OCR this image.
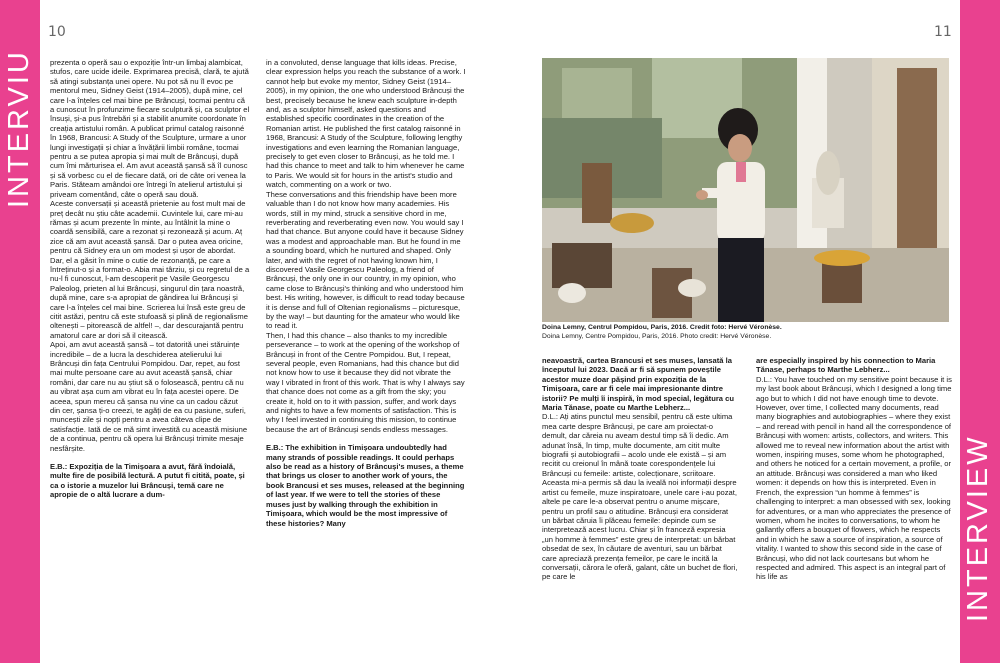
INTERVIU
INTERVIEW
10	11

prezenta o operă sau o expoziție într-un limbaj alambicat, stufos, care ucide ideile. Exprimarea precisă, clară, te ajută să atingi substanța unei opere. Nu pot să nu îl evoc pe mentorul meu, Sidney Geist (1914–2005), după mine, cel care l-a înțeles cel mai bine pe Brâncuși, tocmai pentru că a cunoscut în profunzime fiecare sculptură și, ca sculptor el însuși, și-a pus întrebări și a stabilit anumite coordonate în creația artistului român. A publicat primul catalog raisonné în 1968, Brancusi: A Study of the Sculpture, urmare a unor lungi investigații și chiar a învățării limbii române, tocmai pentru a se putea apropia și mai mult de Brâncuși, după cum îmi mărturisea el. Am avut această șansă să îl cunosc și să vorbesc cu el de fiecare dată, ori de câte ori venea la Paris. Stăteam amândoi ore întregi în atelierul artistului și priveam comentând, câte o operă sau două.

Aceste conversații și această prietenie au fost mult mai de preț decât nu știu câte academii. Cuvintele lui, care mi-au rămas și acum prezente în minte, au întâlnit la mine o coardă sensibilă, care a rezonat și rezonează și acum. Aț zice că am avut această șansă. Dar o putea avea oricine, pentru că Sidney era un om modest și ușor de abordat. Dar, el a găsit în mine o cutie de rezonanță, pe care a întreținut-o și a format-o. Abia mai târziu, și cu regretul de a nu-l fi cunoscut, l-am descoperit pe Vasile Georgescu Paleolog, prieten al lui Brâncuși, singurul din țara noastră, după mine, care s-a apropiat de gândirea lui Brâncuși și care l-a înțeles cel mai bine. Scrierea lui însă este greu de citit astăzi, pentru că este stufoasă și plină de regionalisme oltenești – pitorească de altfel! –, dar descurajantă pentru amatorul care ar dori să il citească.

Apoi, am avut această șansă – tot datorită unei stăruințe incredibile – de a lucra la deschiderea atelierului lui Brâncuși din fața Centrului Pompidou. Dar, repet, au fost mai multe persoane care au avut această șansă, chiar români, dar care nu au știut să o folosească, pentru că nu au vibrat așa cum am vibrat eu în fața acestei opere. De aceea, spun mereu că șansa nu vine ca un cadou căzut din cer, șansa ți-o creezi, te agăți de ea cu pasiune, suferi, muncești zile și nopți pentru a avea câteva clipe de satisfacție. Iată de ce mă simt investită cu această misiune de a continua, pentru că opera lui Brâncuși trimite mesaje nesfârșite.

E.B.: Expoziția de la Timișoara a avut, fără îndoială, multe fire de posibilă lectură. A putut fi citită, poate, și ca o istorie a muzelor lui Brâncuși, temă care ne apropie de o altă lucrare a dum-

in a convoluted, dense language that kills ideas. Precise, clear expression helps you reach the substance of a work. I cannot help but evoke my mentor, Sidney Geist (1914–2005), in my opinion, the one who understood Brâncuși the best, precisely because he knew each sculpture in-depth and, as a sculptor himself, asked questions and established specific coordinates in the creation of the Romanian artist. He published the first catalog raisonné in 1968, Brancusi: A Study of the Sculpture, following lengthy investigations and even learning the Romanian language, precisely to get even closer to Brâncuși, as he told me. I had this chance to meet and talk to him whenever he came to Paris. We would sit for hours in the artist's studio and watch, commenting on a work or two.

These conversations and this friendship have been more valuable than I do not know how many academies. His words, still in my mind, struck a sensitive chord in me, reverberating and reverberating even now. You would say I had that chance. But anyone could have it because Sidney was a modest and approachable man. But he found in me a sounding board, which he nurtured and shaped. Only later, and with the regret of not having known him, I discovered Vasile Georgescu Paleolog, a friend of Brâncuși, the only one in our country, in my opinion, who came close to Brâncuși's thinking and who understood him best. His writing, however, is difficult to read today because it is dense and full of Oltenian regionalisms – picturesque, by the way! – but daunting for the amateur who would like to read it.

Then, I had this chance – also thanks to my incredible perseverance – to work at the opening of the workshop of Brâncuși in front of the Centre Pompidou. But, I repeat, several people, even Romanians, had this chance but did not know how to use it because they did not vibrate the way I vibrated in front of this work. That is why I always say that chance does not come as a gift from the sky; you create it, hold on to it with passion, suffer, and work days and nights to have a few moments of satisfaction. This is why I feel invested in continuing this mission, to continue because the art of Brâncuși sends endless messages.

E.B.: The exhibition in Timișoara undoubtedly had many strands of possible readings. It could perhaps also be read as a history of Brâncuși's muses, a theme that brings us closer to another work of yours, the book Brancusi et ses muses, released at the beginning of last year. If we were to tell the stories of these muses just by walking through the exhibition in Timișoara, which would be the most impressive of these histories? Many

Doina Lemny, Centrul Pompidou, Paris, 2016. Credit foto: Hervé Véronèse.
Doina Lemny, Centre Pompidou, Paris, 2016. Photo credit: Hervé Véronèse.

neavoastră, cartea Brancusi et ses muses, lansată la începutul lui 2023. Dacă ar fi să spunem poveștile acestor muze doar pășind prin expoziția de la Timișoara, care ar fi cele mai impresionante dintre istorii? Pe mulți îi inspiră, în mod special, legătura cu Maria Tănase, poate cu Marthe Lebherz...

D.L.: Ați atins punctul meu sensibil, pentru că este ultima mea carte despre Brâncuși, pe care am proiectat-o demult, dar căreia nu aveam destul timp să îi dedic. Am adunat însă, în timp, multe documente, am citit multe biografii și autobiografii – acolo unde ele există – și am recitit cu creionul în mână toate corespondențele lui Brâncuși cu femeile: artiste, colecționare, scriitoare. Aceasta mi-a permis să dau la iveală noi informații despre artist cu femeile, muze inspiratoare, unele care i-au pozat, altele pe care le-a observat pentru o anume mișcare, pentru un profil sau o atitudine. Brâncuși era considerat un bărbat căruia îi plăceau femeile: depinde cum se interpretează acest lucru. Chiar și în franceză expresia „un homme à femmes” este greu de interpretat: un bărbat obsedat de sex, în căutare de aventuri, sau un bărbat care apreciază prezența femeilor, pe care le incită la conversații, cărora le oferă, galant, câte un buchet de flori, pe care le

are especially inspired by his connection to Maria Tănase, perhaps to Marthe Lebherz...

D.L.: You have touched on my sensitive point because it is my last book about Brâncuși, which I designed a long time ago but to which I did not have enough time to devote. However, over time, I collected many documents, read many biographies and autobiographies – where they exist – and reread with pencil in hand all the correspondence of Brâncuși with women: artists, collectors, and writers. This allowed me to reveal new information about the artist with women, inspiring muses, some whom he photographed, and others he noticed for a certain movement, a profile, or an attitude. Brâncuși was considered a man who liked women: it depends on how this is interpreted. Even in French, the expression “un homme à femmes” is challenging to interpret: a man obsessed with sex, looking for adventures, or a man who appreciates the presence of women, whom he incites to conversations, to whom he gallantly offers a bouquet of flowers, which he respects and in which he saw a source of inspiration, a source of vitality. I wanted to show this second side in the case of Brâncuși, who did not lack courtesans but whom he respected and admired. This aspect is an integral part of his life as
